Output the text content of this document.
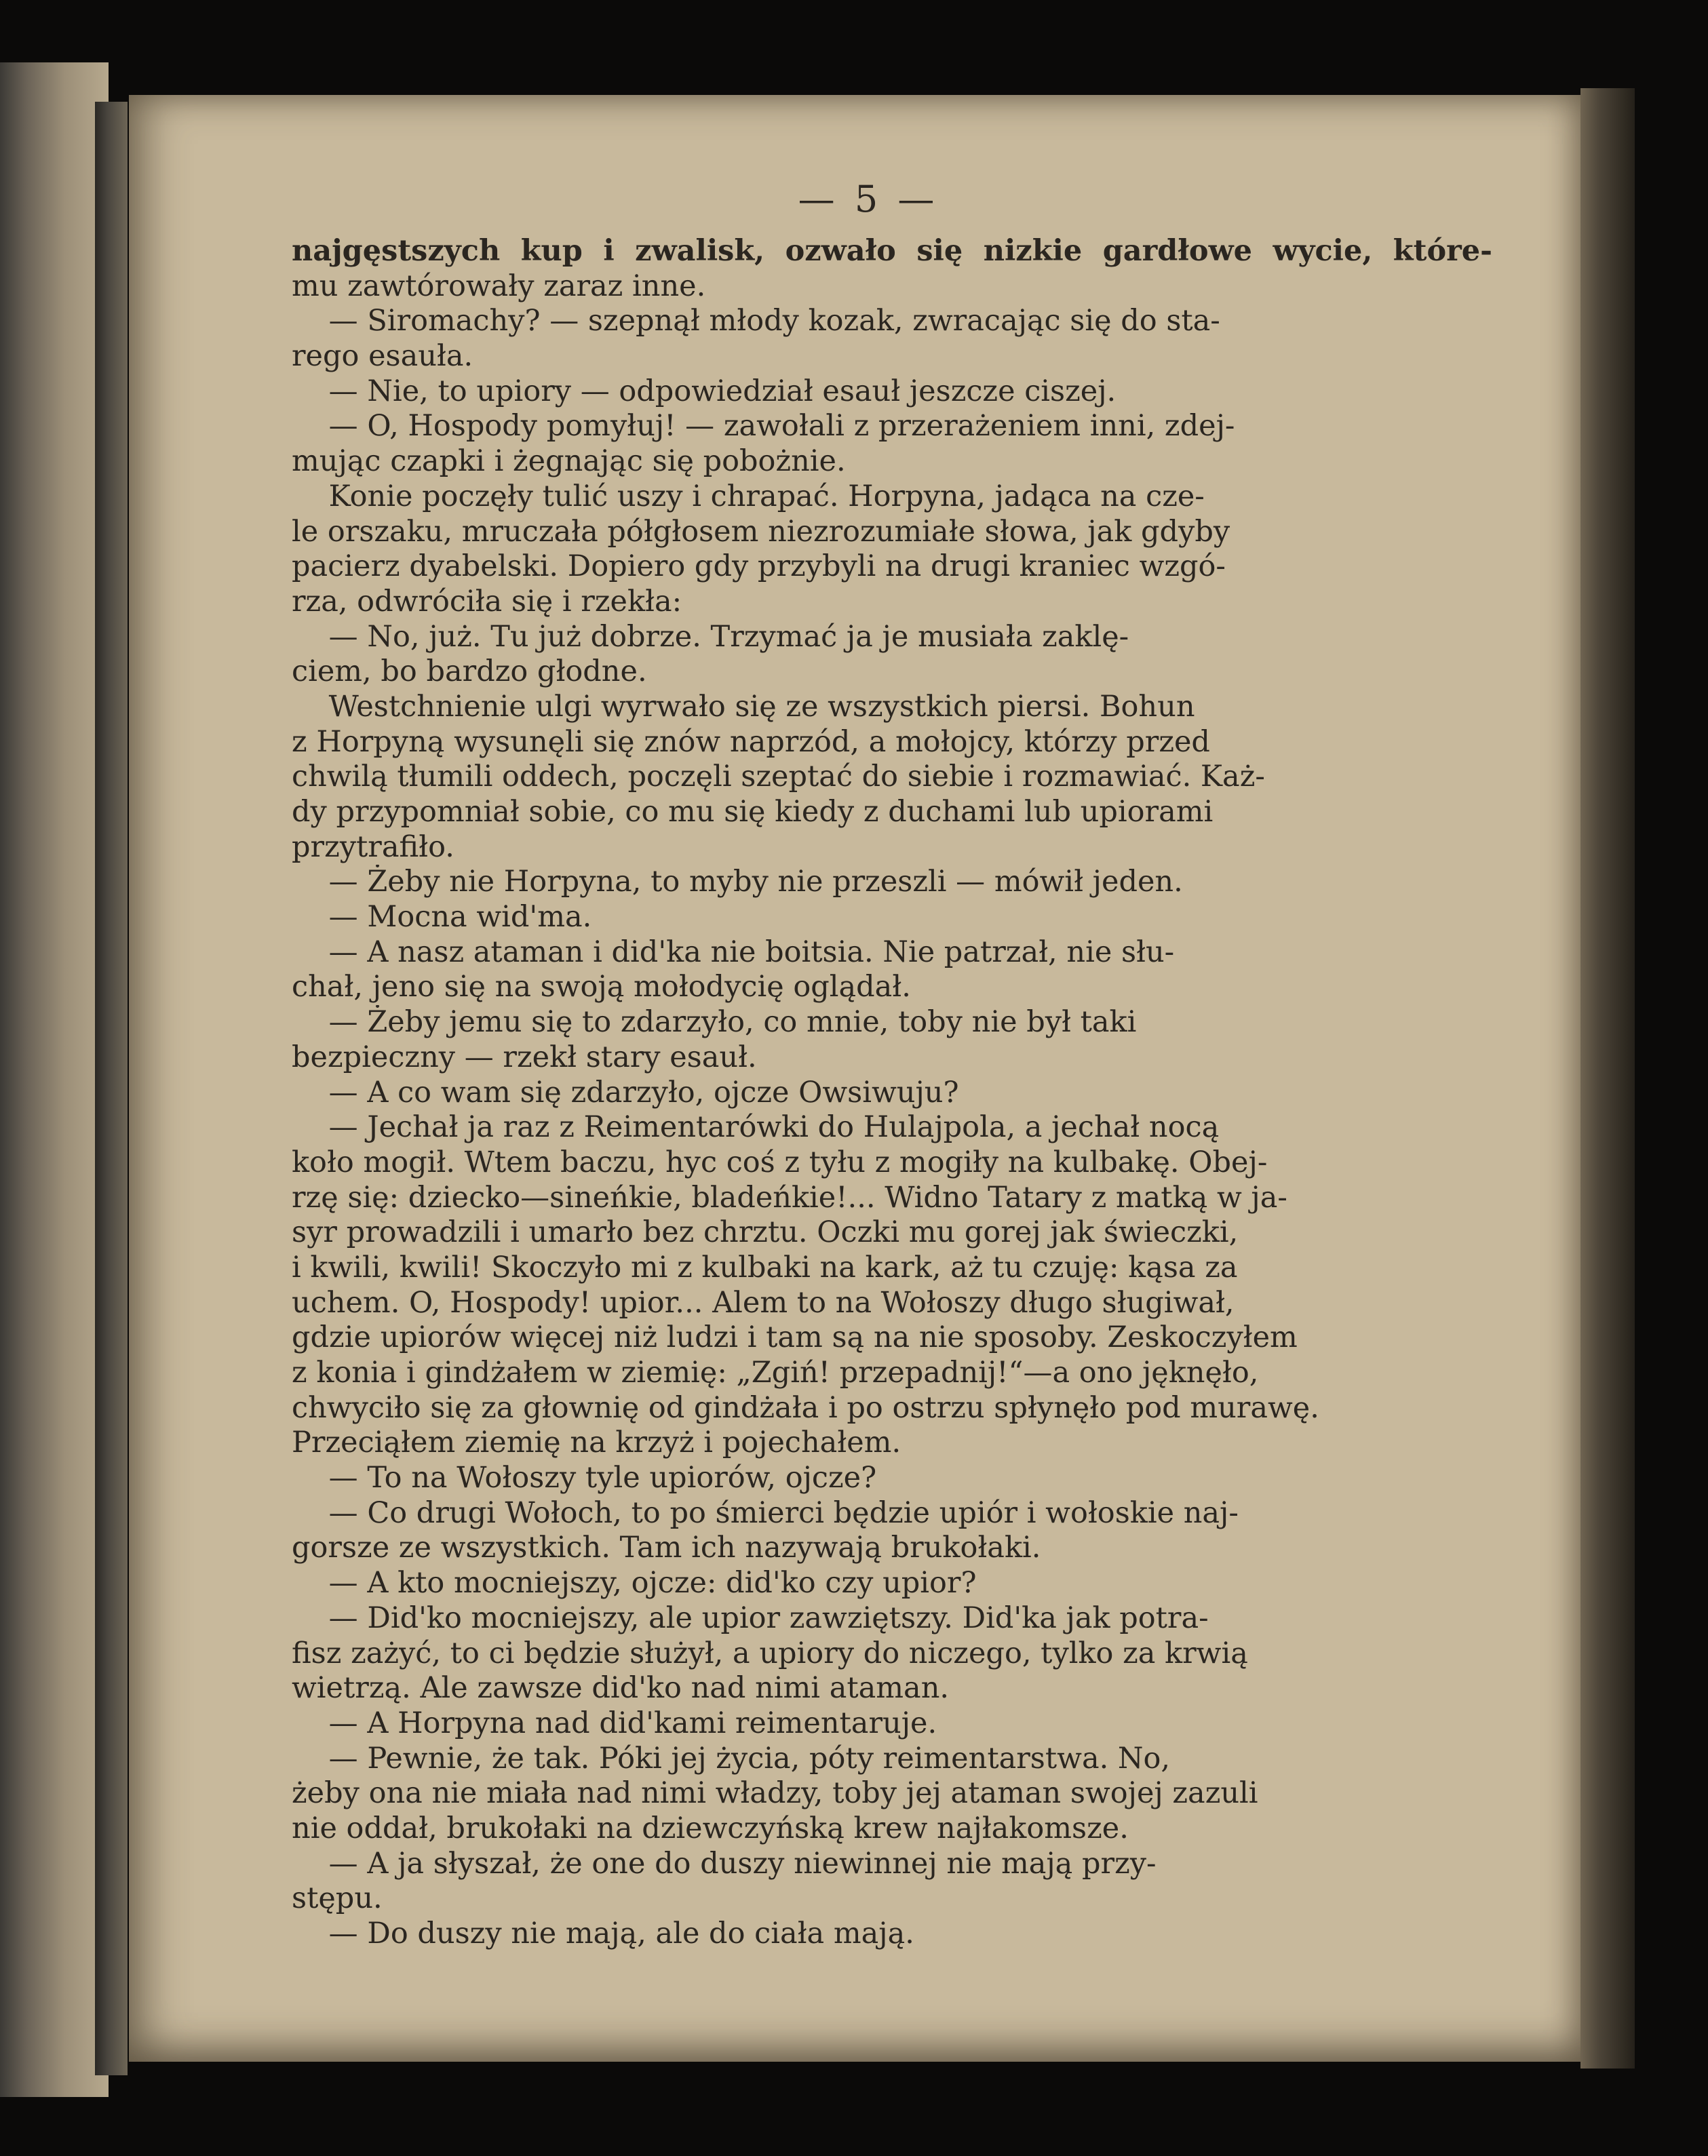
— 5 —
najgęstszych kup i zwalisk, ozwało się nizkie gardłowe wycie, które-
mu zawtórowały zaraz inne.
— Siromachy? — szepnął młody kozak, zwracając się do sta-
rego esauła.
— Nie, to upiory — odpowiedział esauł jeszcze ciszej.
— O, Hospody pomyłuj! — zawołali z przerażeniem inni, zdej-
mując czapki i żegnając się pobożnie.
Konie poczęły tulić uszy i chrapać. Horpyna, jadąca na cze-
le orszaku, mruczała półgłosem niezrozumiałe słowa, jak gdyby
pacierz dyabelski. Dopiero gdy przybyli na drugi kraniec wzgó-
rza, odwróciła się i rzekła:
— No, już. Tu już dobrze. Trzymać ja je musiała zaklę-
ciem, bo bardzo głodne.
Westchnienie ulgi wyrwało się ze wszystkich piersi. Bohun
z Horpyną wysunęli się znów naprzód, a mołojcy, którzy przed
chwilą tłumili oddech, poczęli szeptać do siebie i rozmawiać. Każ-
dy przypomniał sobie, co mu się kiedy z duchami lub upiorami
przytrafiło.
— Żeby nie Horpyna, to myby nie przeszli — mówił jeden.
— Mocna wid'ma.
— A nasz ataman i did'ka nie boitsia. Nie patrzał, nie słu-
chał, jeno się na swoją mołodycię oglądał.
— Żeby jemu się to zdarzyło, co mnie, toby nie był taki
bezpieczny — rzekł stary esauł.
— A co wam się zdarzyło, ojcze Owsiwuju?
— Jechał ja raz z Reimentarówki do Hulajpola, a jechał nocą
koło mogił. Wtem baczu, hyc coś z tyłu z mogiły na kulbakę. Obej-
rzę się: dziecko—sineńkie, bladeńkie!... Widno Tatary z matką w ja-
syr prowadzili i umarło bez chrztu. Oczki mu gorej jak świeczki,
i kwili, kwili! Skoczyło mi z kulbaki na kark, aż tu czuję: kąsa za
uchem. O, Hospody! upior... Alem to na Wołoszy długo sługiwał,
gdzie upiorów więcej niż ludzi i tam są na nie sposoby. Zeskoczyłem
z konia i gindżałem w ziemię: „Zgiń! przepadnij!“—a ono jęknęło,
chwyciło się za głownię od gindżała i po ostrzu spłynęło pod murawę.
Przeciąłem ziemię na krzyż i pojechałem.
— To na Wołoszy tyle upiorów, ojcze?
— Co drugi Wołoch, to po śmierci będzie upiór i wołoskie naj-
gorsze ze wszystkich. Tam ich nazywają brukołaki.
— A kto mocniejszy, ojcze: did'ko czy upior?
— Did'ko mocniejszy, ale upior zawziętszy. Did'ka jak potra-
fisz zażyć, to ci będzie służył, a upiory do niczego, tylko za krwią
wietrzą. Ale zawsze did'ko nad nimi ataman.
— A Horpyna nad did'kami reimentaruje.
— Pewnie, że tak. Póki jej życia, póty reimentarstwa. No,
żeby ona nie miała nad nimi władzy, toby jej ataman swojej zazuli
nie oddał, brukołaki na dziewczyńską krew najłakomsze.
— A ja słyszał, że one do duszy niewinnej nie mają przy-
stępu.
— Do duszy nie mają, ale do ciała mają.
